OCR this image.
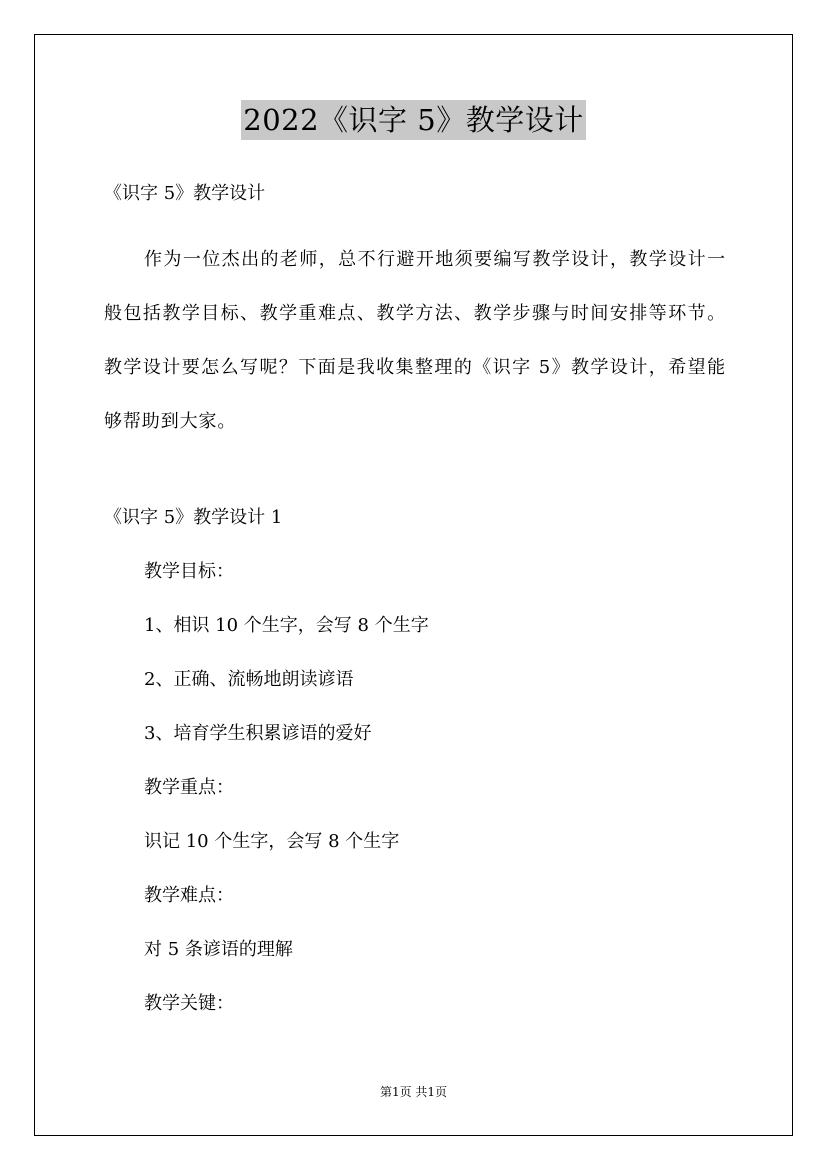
2022《识字 5》教学设计
《识字 5》教学设计
作为一位杰出的老师，总不行避开地须要编写教学设计，教学设计一般包括教学目标、教学重难点、教学方法、教学步骤与时间安排等环节。教学设计要怎么写呢？下面是我收集整理的《识字 5》教学设计，希望能够帮助到大家。
《识字 5》教学设计 1
教学目标：
1、相识 10 个生字，会写 8 个生字
2、正确、流畅地朗读谚语
3、培育学生积累谚语的爱好
教学重点：
识记 10 个生字，会写 8 个生字
教学难点：
对 5 条谚语的理解
教学关键：
第1页 共1页
